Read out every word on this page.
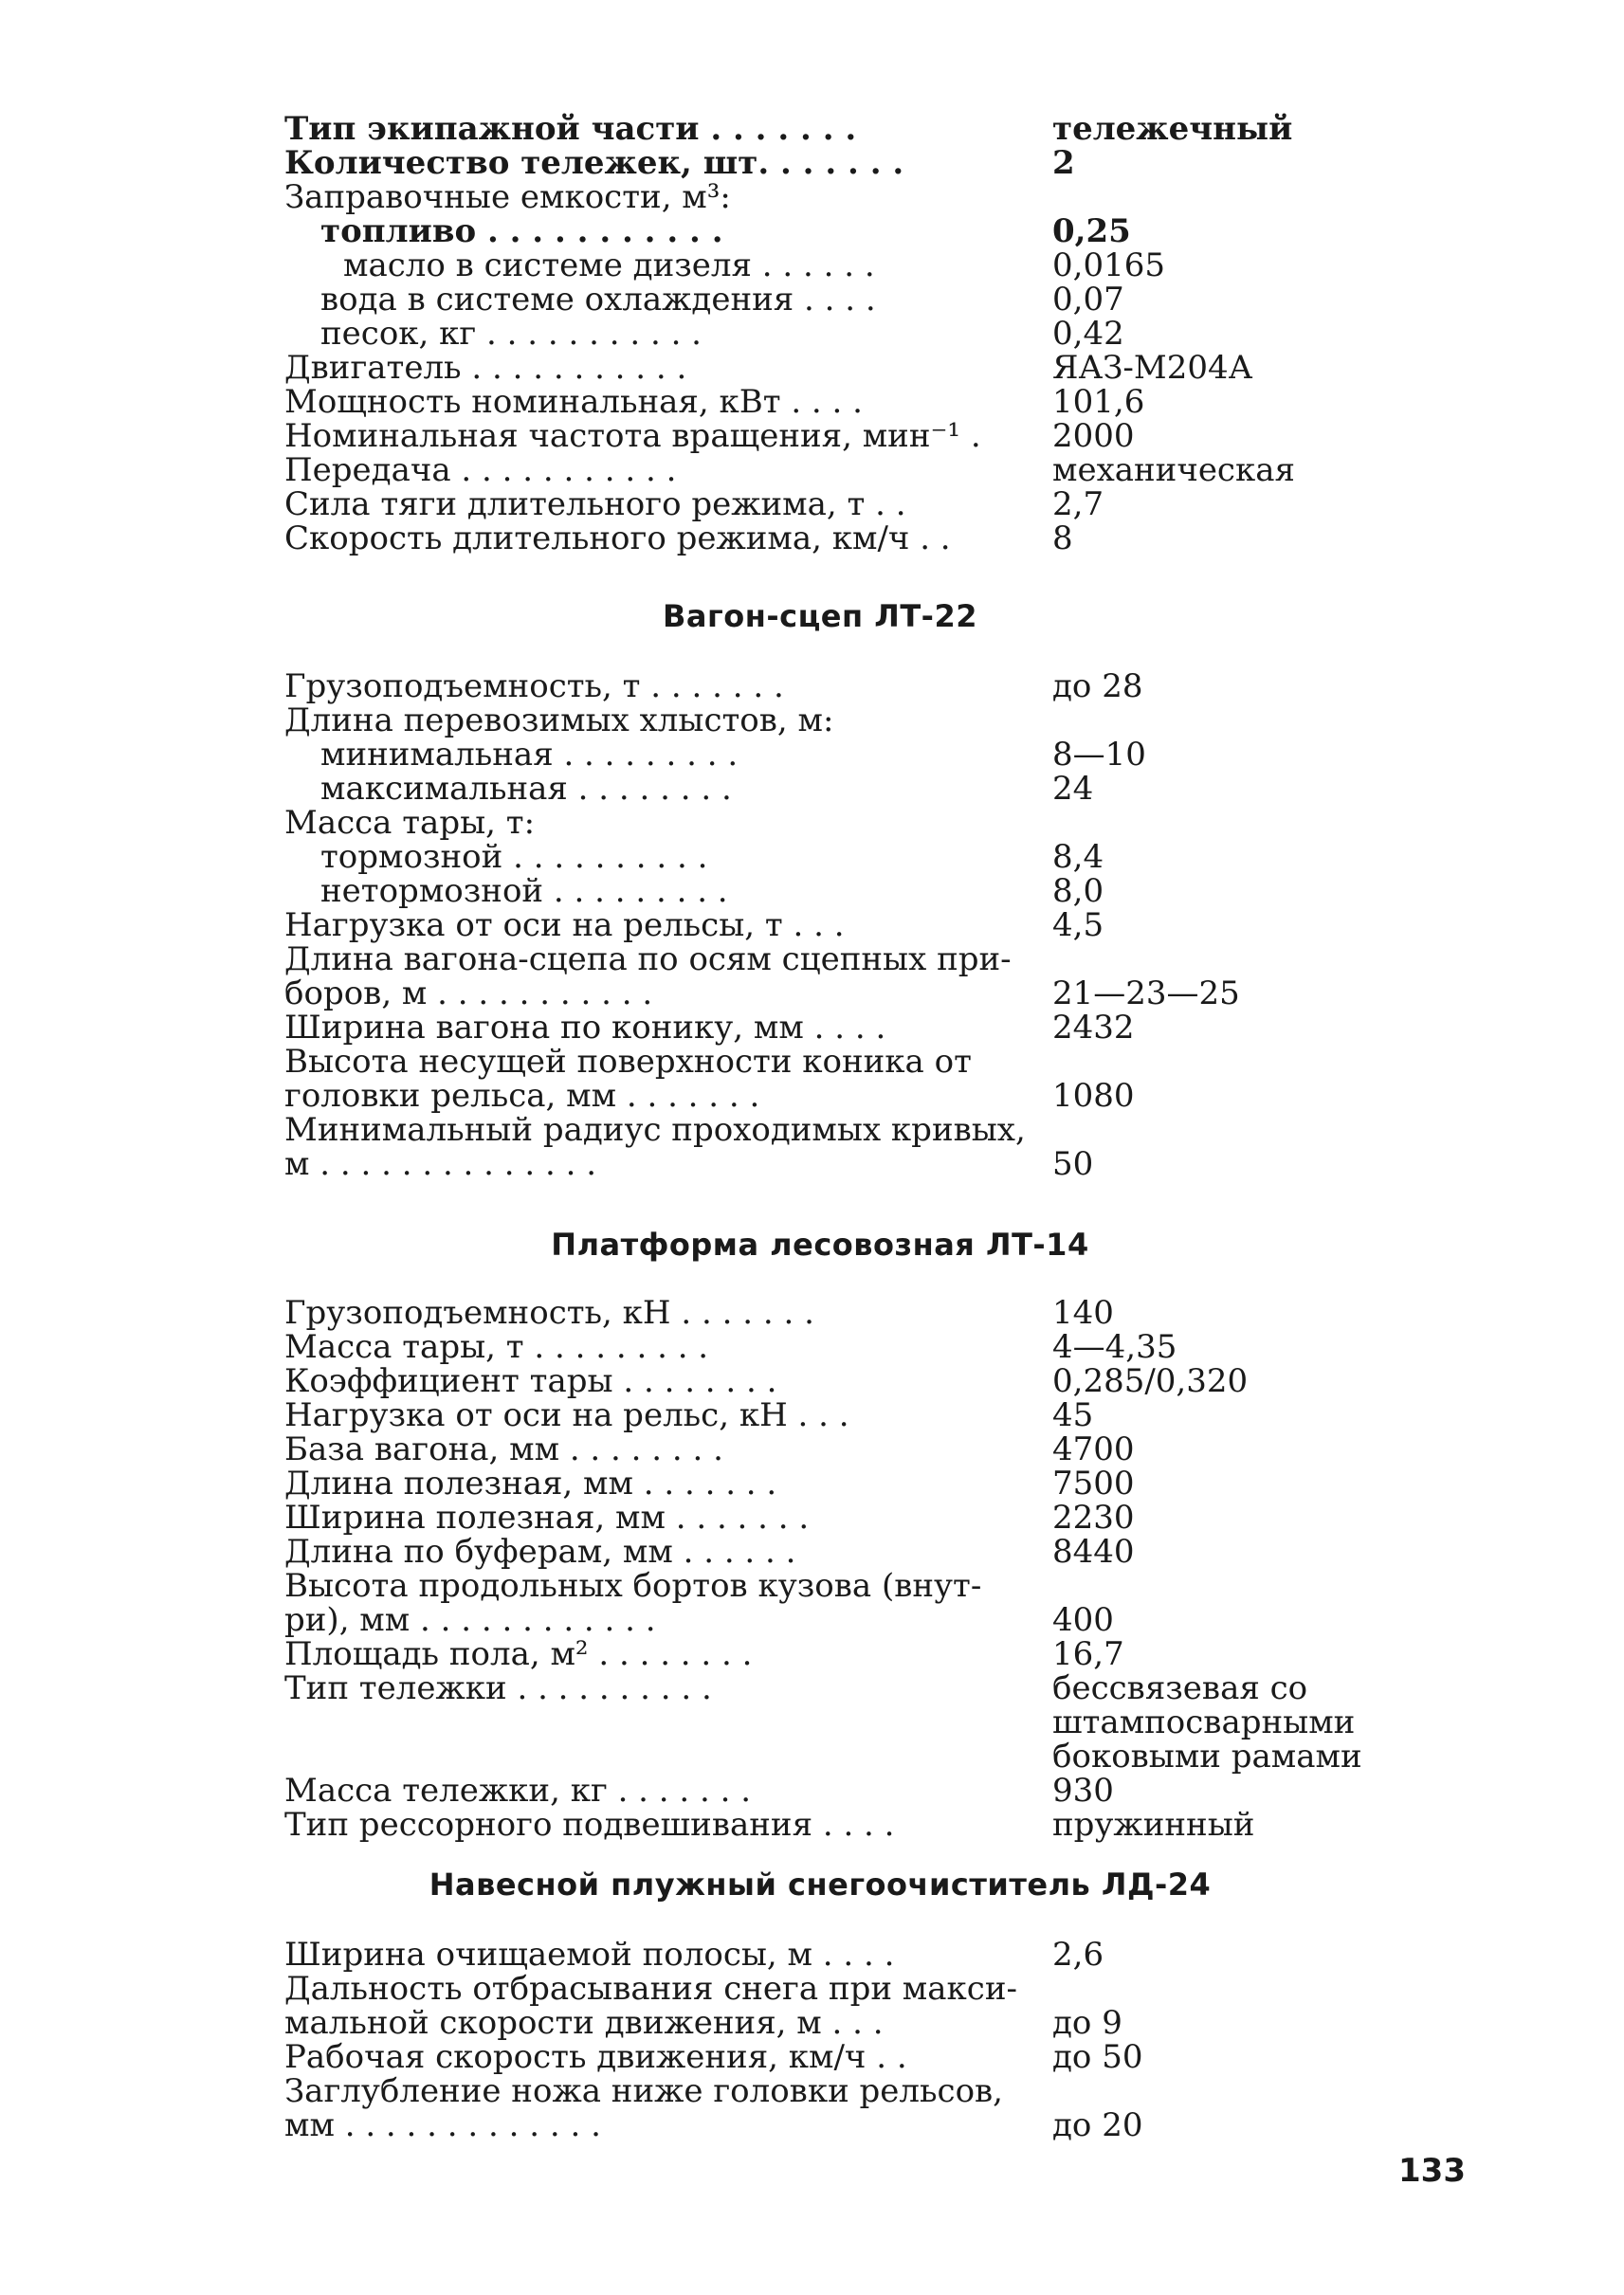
Тип экипажной части . . . . . . .	тележечный
Количество тележек, шт. . . . . . .	2
Заправочные емкости, м³:
топливо . . . . . . . . . . .	0,25
масло в системе дизеля . . . . . .	0,0165
вода в системе охлаждения . . . .	0,07
песок, кг . . . . . . . . . . .	0,42
Двигатель . . . . . . . . . . .	ЯАЗ-М204А
Мощность номинальная, кВт . . . .	101,6
Номинальная частота вращения, мин⁻¹ . 2000
Передача . . . . . . . . . . .	механическая
Сила тяги длительного режима, т . .	2,7
Скорость длительного режима, км/ч . .	8
Вагон-сцеп ЛТ-22
Грузоподъемность, т . . . . . . .	до 28
Длина перевозимых хлыстов, м:
минимальная . . . . . . . . .	8—10
максимальная . . . . . . . .	24
Масса тары, т:
тормозной . . . . . . . . . .	8,4
нетормозной . . . . . . . . .	8,0
Нагрузка от оси на рельсы, т . . .	4,5
Длина вагона-сцепа по осям сцепных при-
боров, м . . . . . . . . . . .	21—23—25
Ширина вагона по конику, мм . . . .	2432
Высота несущей поверхности коника от
головки рельса, мм . . . . . . .	1080
Минимальный радиус проходимых кривых,
м . . . . . . . . . . . . . .	50
Платформа лесовозная ЛТ-14
Грузоподъемность, кН . . . . . . .	140
Масса тары, т . . . . . . . . .	4—4,35
Коэффициент тары . . . . . . . .	0,285/0,320
Нагрузка от оси на рельс, кН . . .	45
База вагона, мм . . . . . . . .	4700
Длина полезная, мм . . . . . . .	7500
Ширина полезная, мм . . . . . . .	2230
Длина по буферам, мм . . . . . .	8440
Высота продольных бортов кузова (внут-
ри), мм . . . . . . . . . . . .	400
Площадь пола, м² . . . . . . . .	16,7
Тип тележки . . . . . . . . . .	бессвязевая со
штампосварными
боковыми рамами
Масса тележки, кг . . . . . . .	930
Тип рессорного подвешивания . . . .	пружинный
Навесной плужный снегоочиститель ЛД-24
Ширина очищаемой полосы, м . . . .	2,6
Дальность отбрасывания снега при макси-
мальной скорости движения, м . . .	до 9
Рабочая скорость движения, км/ч . .	до 50
Заглубление ножа ниже головки рельсов,
мм . . . . . . . . . . . . .	до 20
133
